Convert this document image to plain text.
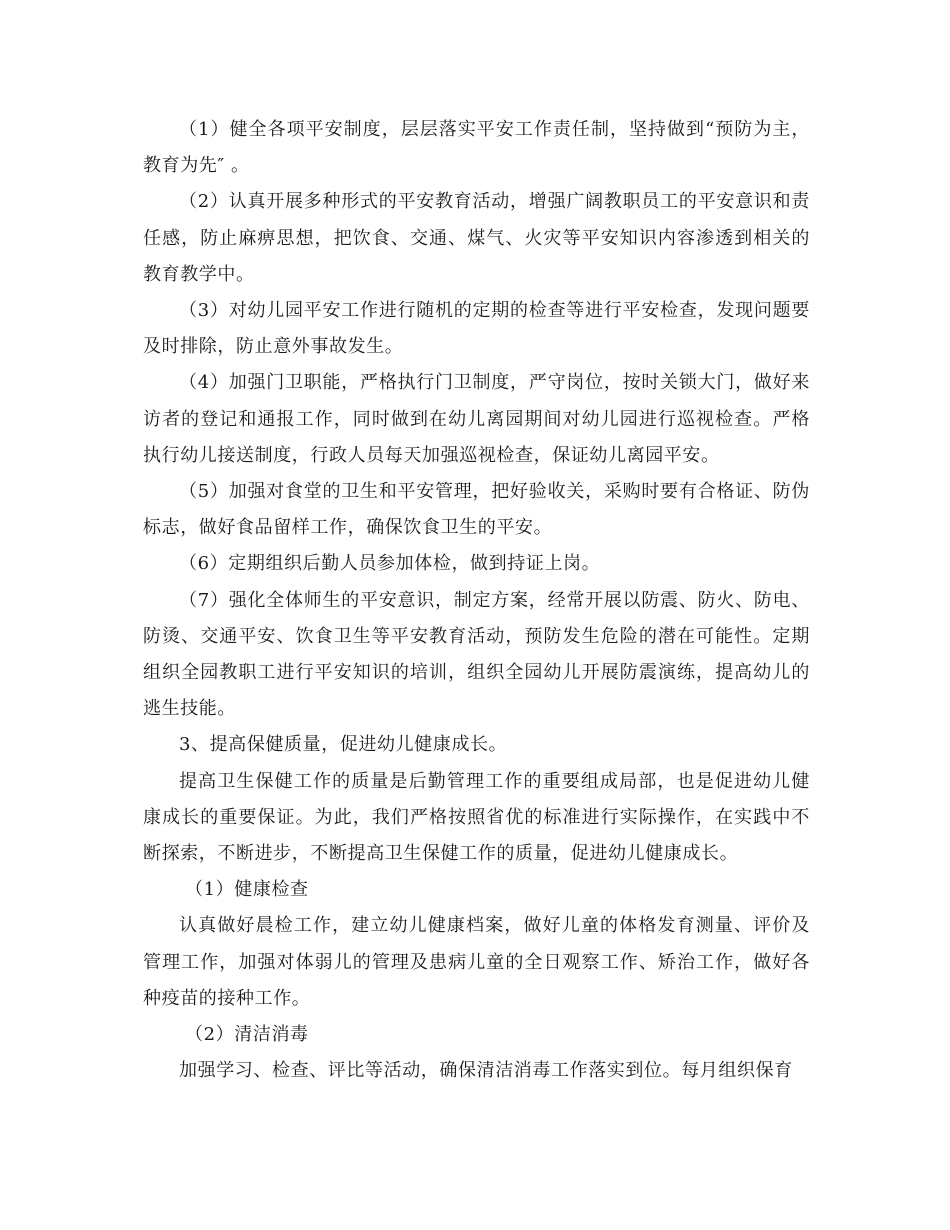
（1）健全各项平安制度，层层落实平安工作责任制，坚持做到“预防为主，教育为先″ 。

（2）认真开展多种形式的平安教育活动，增强广阔教职员工的平安意识和责任感，防止麻痹思想，把饮食、交通、煤气、火灾等平安知识内容渗透到相关的教育教学中。

（3）对幼儿园平安工作进行随机的定期的检查等进行平安检查，发现问题要及时排除，防止意外事故发生。

（4）加强门卫职能，严格执行门卫制度，严守岗位，按时关锁大门，做好来访者的登记和通报工作，同时做到在幼儿离园期间对幼儿园进行巡视检查。严格执行幼儿接送制度，行政人员每天加强巡视检查，保证幼儿离园平安。

（5）加强对食堂的卫生和平安管理，把好验收关，采购时要有合格证、防伪标志，做好食品留样工作，确保饮食卫生的平安。

（6）定期组织后勤人员参加体检，做到持证上岗。

（7）强化全体师生的平安意识，制定方案，经常开展以防震、防火、防电、防烫、交通平安、饮食卫生等平安教育活动，预防发生危险的潜在可能性。定期组织全园教职工进行平安知识的培训，组织全园幼儿开展防震演练，提高幼儿的逃生技能。

3、提高保健质量，促进幼儿健康成长。

提高卫生保健工作的质量是后勤管理工作的重要组成局部，也是促进幼儿健康成长的重要保证。为此，我们严格按照省优的标准进行实际操作，在实践中不断探索，不断进步，不断提高卫生保健工作的质量，促进幼儿健康成长。

（1）健康检查

认真做好晨检工作，建立幼儿健康档案，做好儿童的体格发育测量、评价及管理工作，加强对体弱儿的管理及患病儿童的全日观察工作、矫治工作，做好各种疫苗的接种工作。

（2）清洁消毒

加强学习、检查、评比等活动，确保清洁消毒工作落实到位。每月组织保育
